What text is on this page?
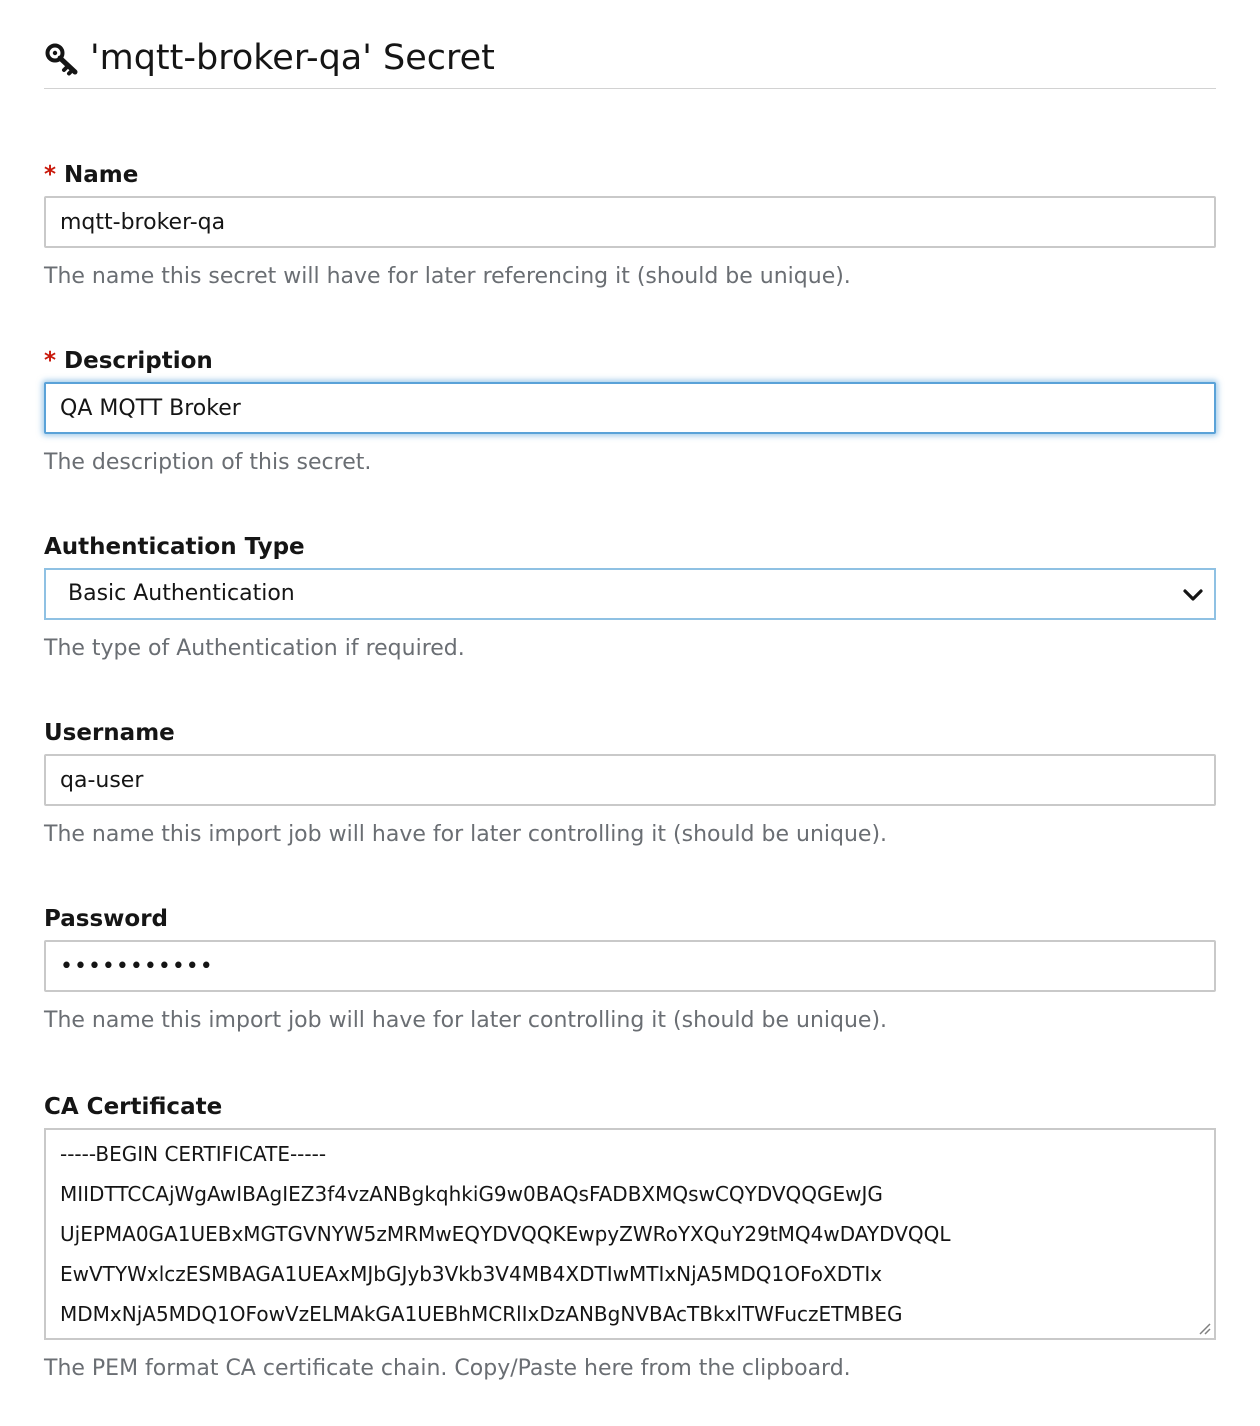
'mqtt-broker-qa' Secret
* Name
mqtt-broker-qa
The name this secret will have for later referencing it (should be unique).
* Description
QA MQTT Broker
The description of this secret.
Authentication Type
Basic Authentication
The type of Authentication if required.
Username
qa-user
The name this import job will have for later controlling it (should be unique).
Password
•••••••••••
The name this import job will have for later controlling it (should be unique).
CA Certificate
-----BEGIN CERTIFICATE-----
MIIDTTCCAjWgAwIBAgIEZ3f4vzANBgkqhkiG9w0BAQsFADBXMQswCQYDVQQGEwJG
UjEPMA0GA1UEBxMGTGVNYW5zMRMwEQYDVQQKEwpyZWRoYXQuY29tMQ4wDAYDVQQL
EwVTYWxlczESMBAGA1UEAxMJbGJyb3Vkb3V4MB4XDTIwMTIxNjA5MDQ1OFoXDTIx
MDMxNjA5MDQ1OFowVzELMAkGA1UEBhMCRlIxDzANBgNVBAcTBkxlTWFuczETMBEG
The PEM format CA certificate chain. Copy/Paste here from the clipboard.
